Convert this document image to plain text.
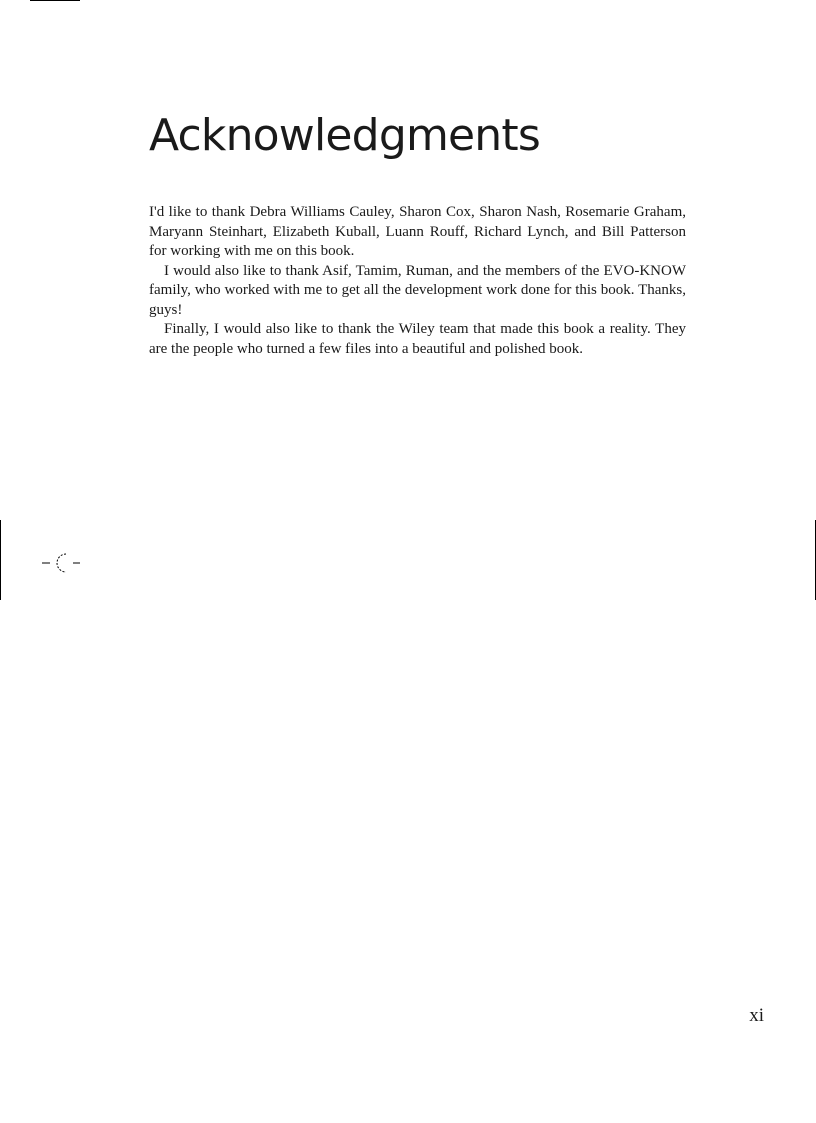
Acknowledgments

I'd like to thank Debra Williams Cauley, Sharon Cox, Sharon Nash, Rosemarie Graham, Maryann Steinhart, Elizabeth Kuball, Luann Rouff, Richard Lynch, and Bill Patterson for working with me on this book.

I would also like to thank Asif, Tamim, Ruman, and the members of the EVO-KNOW family, who worked with me to get all the development work done for this book. Thanks, guys!

Finally, I would also like to thank the Wiley team that made this book a reality. They are the people who turned a few files into a beautiful and polished book.

xi
